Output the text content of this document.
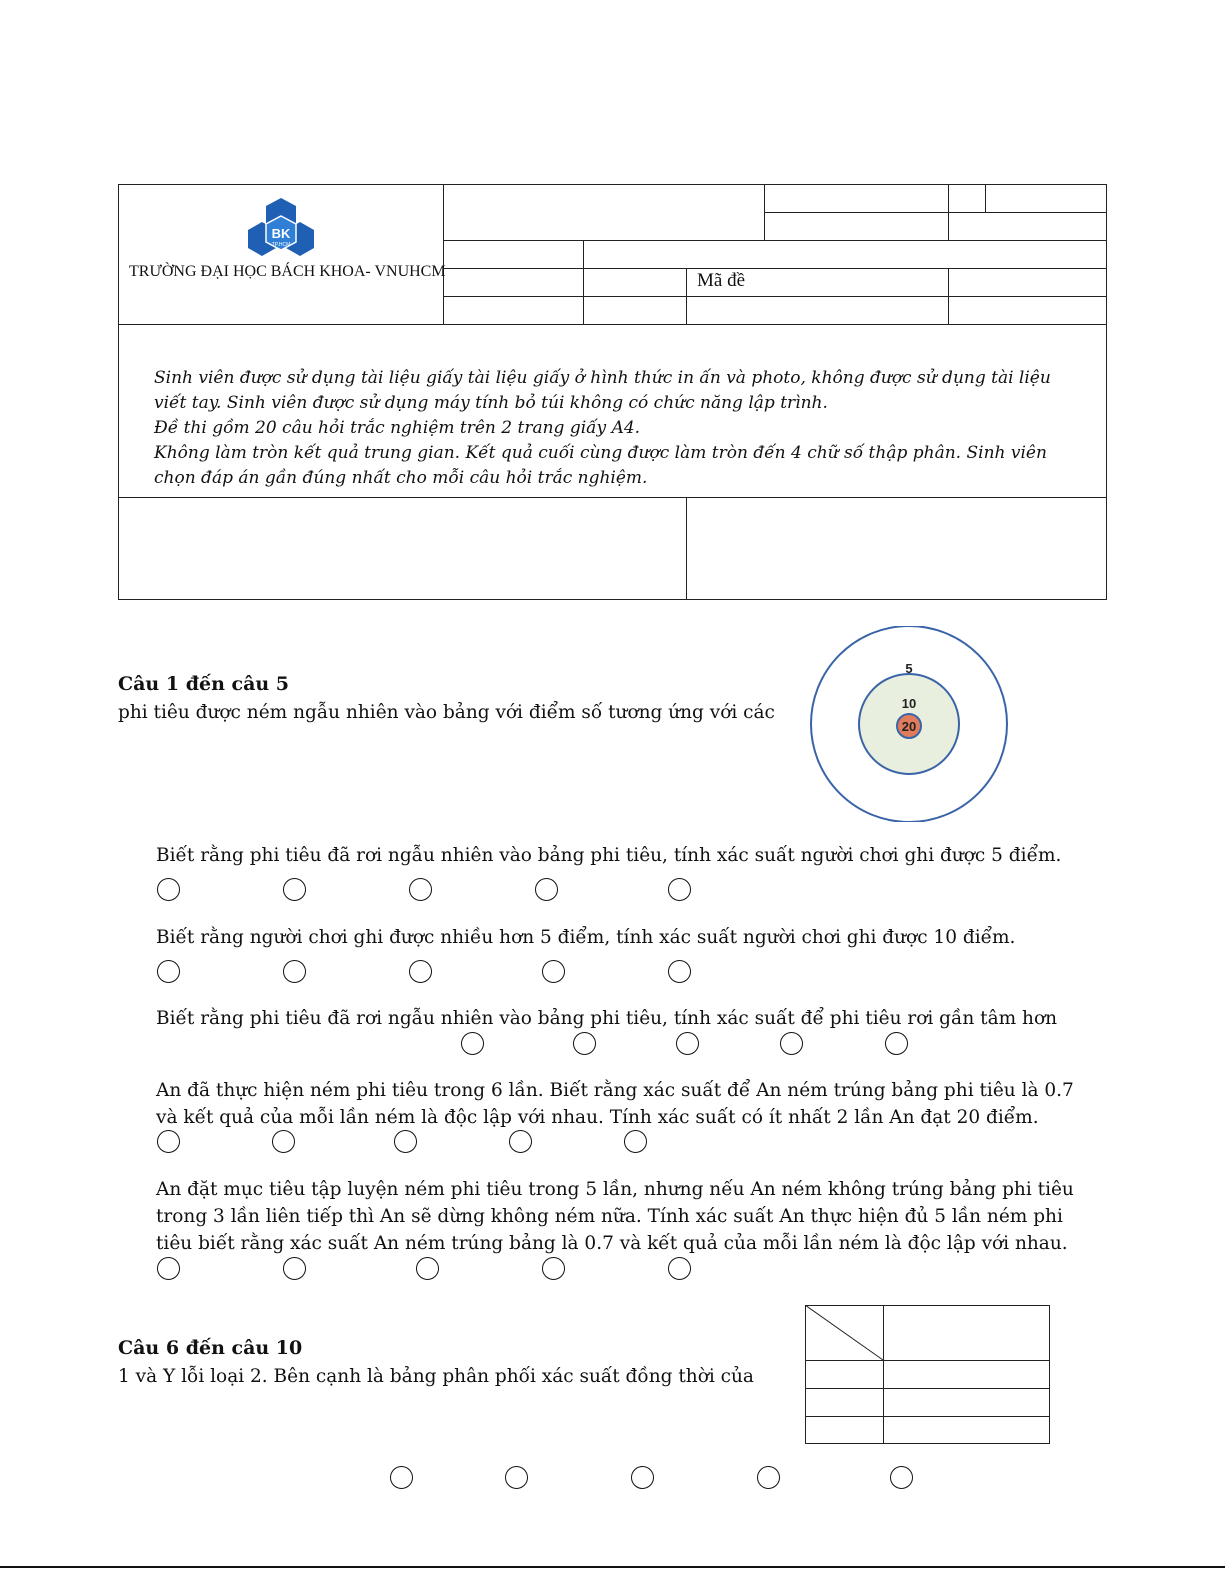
BK
TP.HCM
TRƯỜNG ĐẠI HỌC BÁCH KHOA- VNUHCM	Mã đề
Sinh viên được sử dụng tài liệu giấy tài liệu giấy ở hình thức in ấn và photo, không được sử dụng tài liệu
viết tay. Sinh viên được sử dụng máy tính bỏ túi không có chức năng lập trình.
Đề thi gồm 20 câu hỏi trắc nghiệm trên 2 trang giấy A4.
Không làm tròn kết quả trung gian. Kết quả cuối cùng được làm tròn đến 4 chữ số thập phân. Sinh viên
chọn đáp án gần đúng nhất cho mỗi câu hỏi trắc nghiệm.
Câu 1 đến câu 5
phi tiêu được ném ngẫu nhiên vào bảng với điểm số tương ứng với các
5
10
20
Biết rằng phi tiêu đã rơi ngẫu nhiên vào bảng phi tiêu, tính xác suất người chơi ghi được 5 điểm.
Biết rằng người chơi ghi được nhiều hơn 5 điểm, tính xác suất người chơi ghi được 10 điểm.
Biết rằng phi tiêu đã rơi ngẫu nhiên vào bảng phi tiêu, tính xác suất để phi tiêu rơi gần tâm hơn
An đã thực hiện ném phi tiêu trong 6 lần. Biết rằng xác suất để An ném trúng bảng phi tiêu là 0.7
và kết quả của mỗi lần ném là độc lập với nhau. Tính xác suất có ít nhất 2 lần An đạt 20 điểm.
An đặt mục tiêu tập luyện ném phi tiêu trong 5 lần, nhưng nếu An ném không trúng bảng phi tiêu
trong 3 lần liên tiếp thì An sẽ dừng không ném nữa. Tính xác suất An thực hiện đủ 5 lần ném phi
tiêu biết rằng xác suất An ném trúng bảng là 0.7 và kết quả của mỗi lần ném là độc lập với nhau.
Câu 6 đến câu 10
1 và Y lỗi loại 2. Bên cạnh là bảng phân phối xác suất đồng thời của
